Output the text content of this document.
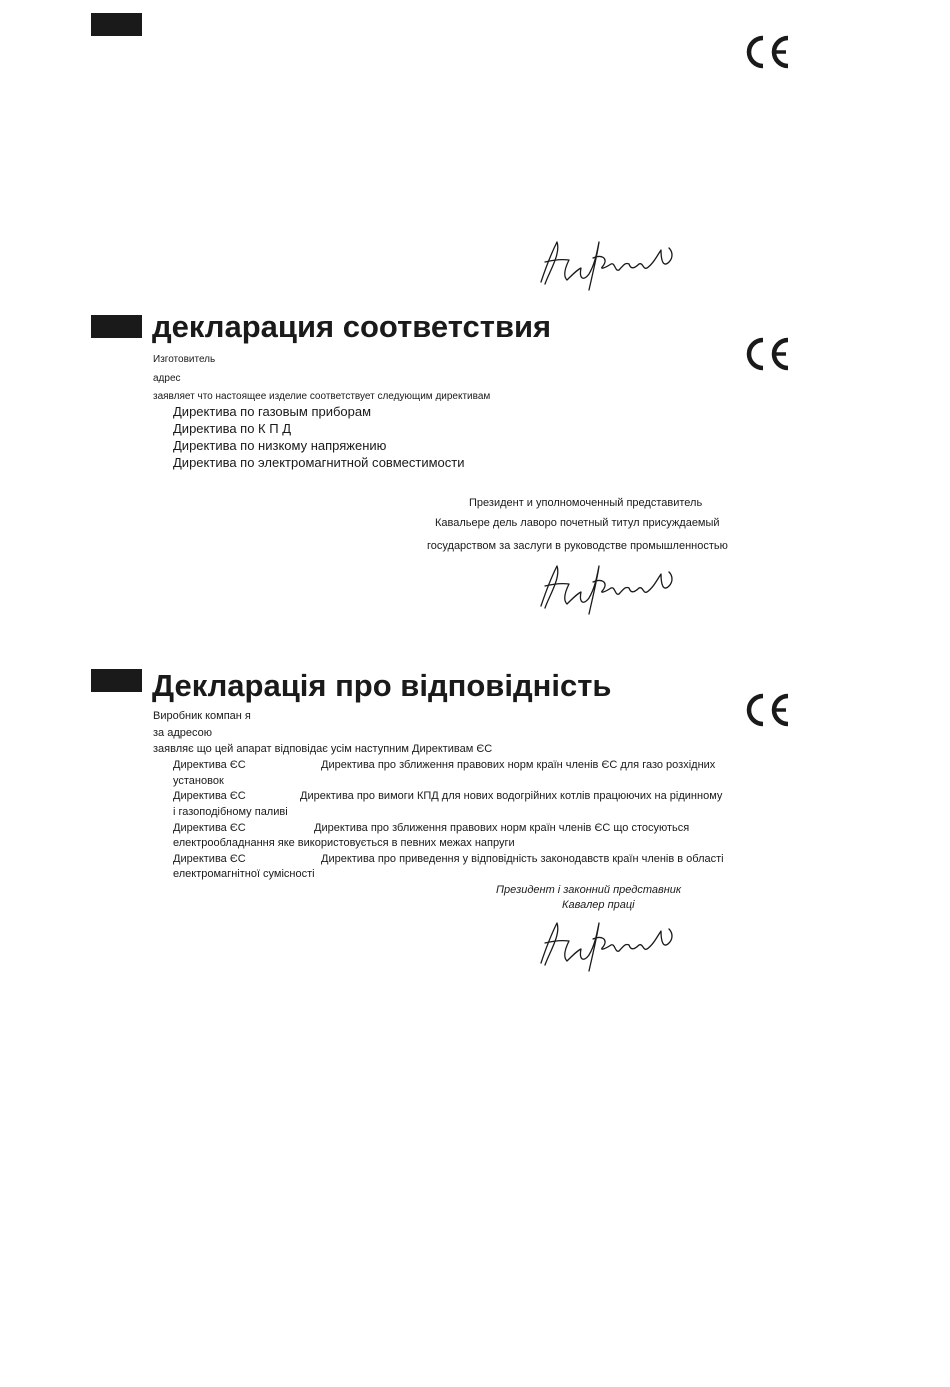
декларация соответствия
Изготовитель
адрес
заявляет что настоящее изделие соответствует следующим директивам
Директива по газовым приборам
Директива по К П Д
Директива по низкому напряжению
Директива по электромагнитной совместимости
Президент и уполномоченный представитель
Кавальере дель лаворо почетный титул присуждаемый
государством за заслуги в руководстве промышленностью
Декларація про відповідність
Виробник компан я
за адресою
заявляє що цей апарат відповідає усім наступним Директивам ЄС
Директива ЄС	Директива про зближення правових норм країн членів ЄС для газо розхідних
установок
Директива ЄС	Директива про вимоги КПД для нових водогрійних котлів працюючих на рідинному
і газоподібному паливі
Директива ЄС	Директива про зближення правових норм країн членів ЄС що стосуються
електрообладнання яке використовується в певних межах напруги
Директива ЄС	Директива про приведення у відповідність законодавств країн членів в області
електромагнітної сумісності
Президент і законний представник
Кавалер праці
